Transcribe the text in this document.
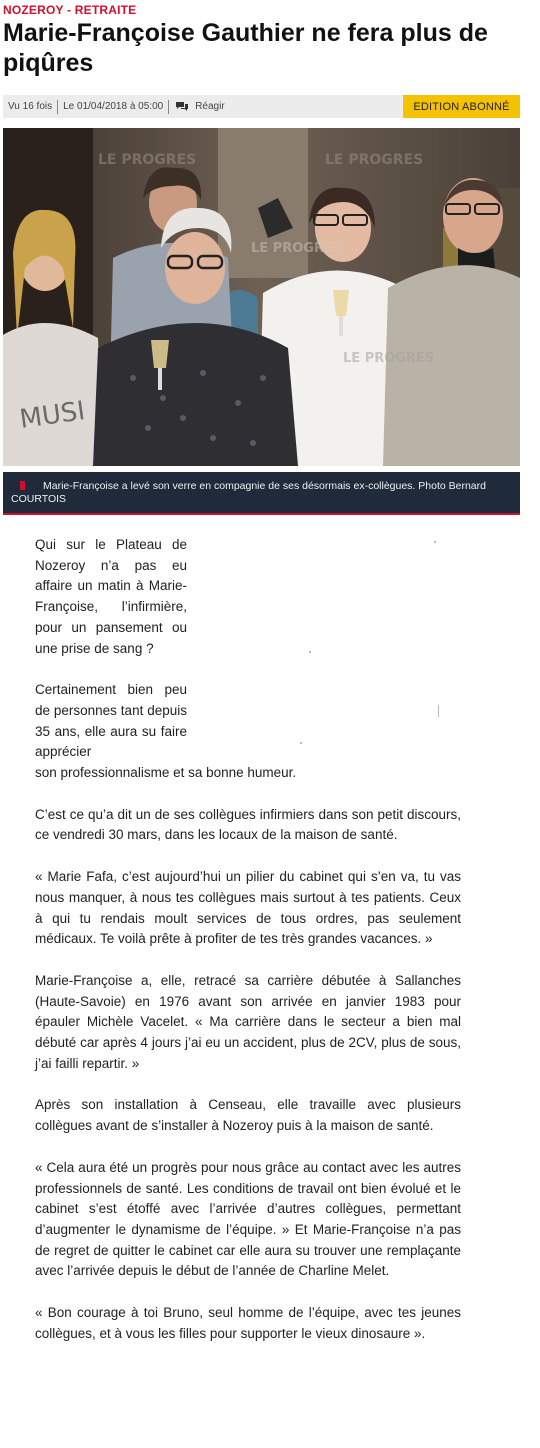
NOZEROY - RETRAITE
Marie-Françoise Gauthier ne fera plus de piqûres
Vu 16 fois	Le 01/04/2018 à 05:00	Réagir	EDITION ABONNÉ
MUSI
LE PROGRES	LE PROGRES
LE PROGRES
LE PROGRES
Marie-Françoise a levé son verre en compagnie de ses désormais ex-collègues. Photo Bernard COURTOIS

Qui sur le Plateau de Nozeroy n’a pas eu affaire un matin à Marie-Françoise, l’infirmière, pour un pansement ou une prise de sang ?

Certainement bien peu de personnes tant depuis 35 ans, elle aura su faire apprécier

son professionnalisme et sa bonne humeur.

C’est ce qu’a dit un de ses collègues infirmiers dans son petit discours, ce vendredi 30 mars, dans les locaux de la maison de santé.

« Marie Fafa, c’est aujourd’hui un pilier du cabinet qui s’en va, tu vas nous manquer, à nous tes collègues mais surtout à tes patients. Ceux à qui tu rendais moult services de tous ordres, pas seulement médicaux. Te voilà prête à profiter de tes très grandes vacances. »

Marie-Françoise a, elle, retracé sa carrière débutée à Sallanches (Haute-Savoie) en 1976 avant son arrivée en janvier 1983 pour épauler Michèle Vacelet. « Ma carrière dans le secteur a bien mal débuté car après 4 jours j’ai eu un accident, plus de 2CV, plus de sous, j’ai failli repartir. »

Après son installation à Censeau, elle travaille avec plusieurs collègues avant de s’installer à Nozeroy puis à la maison de santé.

« Cela aura été un progrès pour nous grâce au contact avec les autres professionnels de santé. Les conditions de travail ont bien évolué et le cabinet s’est étoffé avec l’arrivée d’autres collègues, permettant d’augmenter le dynamisme de l’équipe. » Et Marie-Françoise n’a pas de regret de quitter le cabinet car elle aura su trouver une remplaçante avec l’arrivée depuis le début de l’année de Charline Melet.

« Bon courage à toi Bruno, seul homme de l’équipe, avec tes jeunes collègues, et à vous les filles pour supporter le vieux dinosaure ».
